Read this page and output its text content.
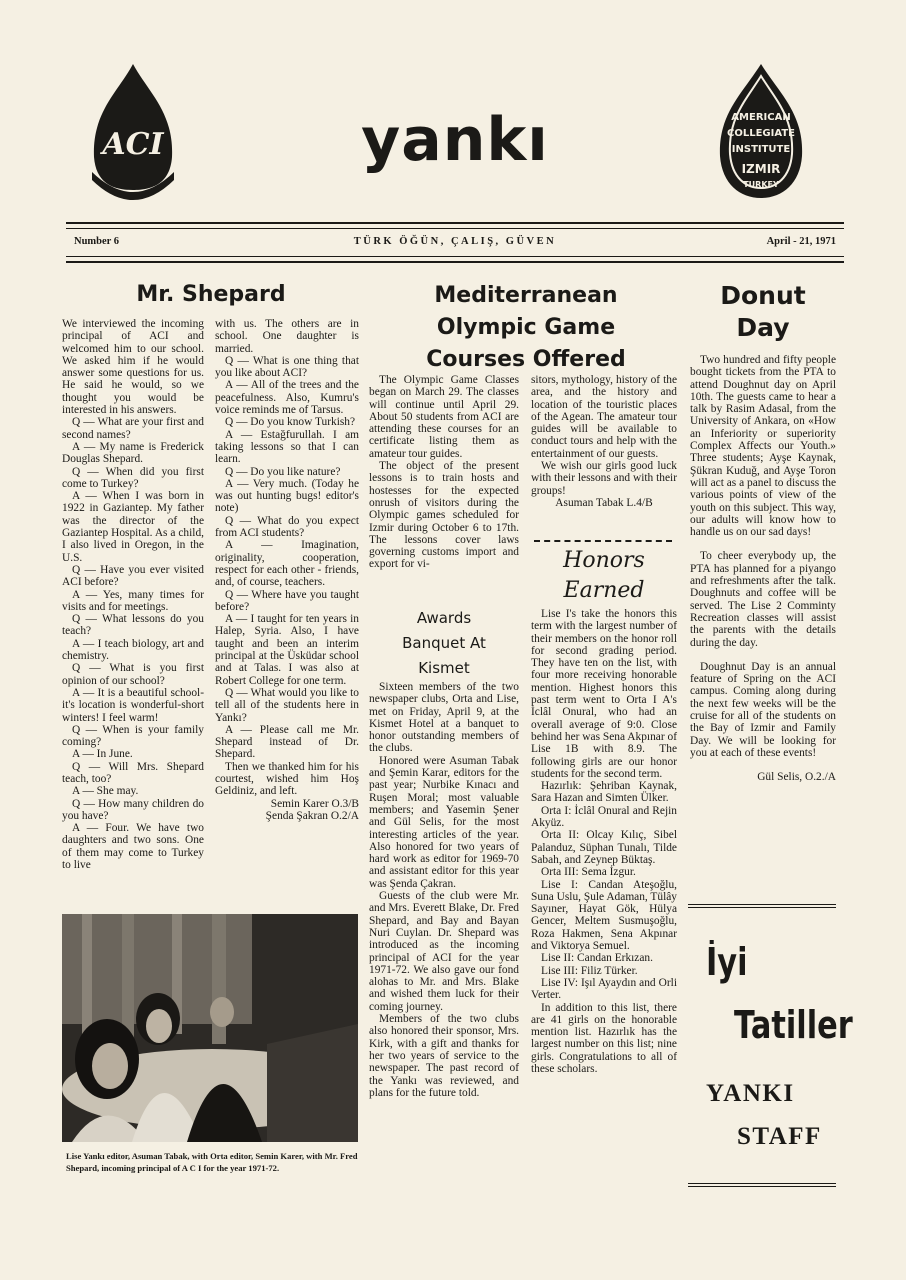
ACI	yankı	AMERICAN
COLLEGIATE
INSTITUTE
IZMIR
TURKEY
Number 6	TÜRK ÖĞÜN, ÇALIŞ, GÜVEN	April - 21, 1971
Mr. Shepard

We interviewed the incoming principal of ACI and welcomed him to our school. We asked him if he would answer some questions for us. He said he would, so we thought you would be interested in his answers.

Q — What are your first and second names?

A — My name is Frederick Douglas Shepard.

Q — When did you first come to Turkey?

A — When I was born in 1922 in Gaziantep. My father was the director of the Gaziantep Hospital. As a child, I also lived in Oregon, in the U.S.

Q — Have you ever visited ACI before?

A — Yes, many times for visits and for meetings.

Q — What lessons do you teach?

A — I teach biology, art and chemistry.

Q — What is you first opinion of our school?

A — It is a beautiful school-it's location is wonderful-short winters! I feel warm!

Q — When is your family coming?

A — In June.

Q — Will Mrs. Shepard teach, too?

A — She may.

Q — How many children do you have?

A — Four. We have two daughters and two sons. One of them may come to Turkey to live

with us. The others are in school. One daughter is married.

Q — What is one thing that you like about ACI?

A — All of the trees and the peacefulness. Also, Kumru's voice reminds me of Tarsus.

Q — Do you know Turkish?

A — Estağfurullah. I am taking lessons so that I can learn.

Q — Do you like nature?

A — Very much. (Today he was out hunting bugs! editor's note)

Q — What do you expect from ACI students?

A — Imagination, originality, cooperation, respect for each other - friends, and, of course, teachers.

Q — Where have you taught before?

A — I taught for ten years in Halep, Syria. Also, I have taught and been an interim principal at the Üsküdar school and at Talas. I was also at Robert College for one term.

Q — What would you like to tell all of the students here in Yankı?

A — Please call me Mr. Shepard instead of Dr. Shepard.

Then we thanked him for his courtest, wished him Hoş Geldiniz, and left.

Semin Karer O.3/B

Şenda Şakran O.2/A

Lise Yankı editor, Asuman Tabak, with Orta editor, Semin Karer, with Mr. Fred Shepard, incoming principal of A C I for the year 1971-72.
Mediterranean
Olympic Game
Courses Offered

The Olympic Game Classes began on March 29. The classes will continue until April 29. About 50 students from ACI are attending these courses for an certificate listing them as amateur tour guides.

The object of the present lessons is to train hosts and hostesses for the expected onrush of visitors during the Olympic games scheduled for Izmir during October 6 to 17th. The lessons cover laws governing customs import and export for vi-

Awards
Banquet At
Kismet

Sixteen members of the two newspaper clubs, Orta and Lise, met on Friday, April 9, at the Kismet Hotel at a banquet to honor outstanding members of the clubs.

Honored were Asuman Tabak and Şemin Karar, editors for the past year; Nurbike Kınacı and Ruşen Moral; most valuable members; and Yasemin Şener and Gül Selis, for the most interesting articles of the year. Also honored for two years of hard work as editor for 1969-70 and assistant editor for this year was Şenda Çakran.

Guests of the club were Mr. and Mrs. Everett Blake, Dr. Fred Shepard, and Bay and Bayan Nuri Cuylan. Dr. Shepard was introduced as the incoming principal of ACI for the year 1971-72. We also gave our fond alohas to Mr. and Mrs. Blake and wished them luck for their coming journey.

Members of the two clubs also honored their sponsor, Mrs. Kirk, with a gift and thanks for her two years of service to the newspaper. The past record of the Yankı was reviewed, and plans for the future told.

sitors, mythology, history of the area, and the history and location of the touristic places of the Agean. The amateur tour guides will be available to conduct tours and help with the entertainment of our guests.

We wish our girls good luck with their lessons and with their groups!

Asuman Tabak L.4/B

Honors
Earned

Lise I's take the honors this term with the largest number of their members on the honor roll for second grading period. They have ten on the list, with four more receiving honorable mention. Highest honors this past term went to Orta I A's İclâl Onural, who had an overall average of 9:0. Close behind her was Sena Akpınar of Lise 1B with 8.9. The following girls are our honor students for the second term.

Hazırlık: Şehriban Kaynak, Sara Hazan and Simten Ülker.

Orta I: İclâl Onural and Rejin Akyüz.

Orta II: Olcay Kılıç, Sibel Palanduz, Süphan Tunalı, Tilde Sabah, and Zeynep Büktaş.

Orta III: Sema İzgur.

Lise I: Candan Ateşoğlu, Suna Uslu, Şule Adaman, Tülây Sayıner, Hayat Gök, Hülya Gencer, Meltem Susmuşoğlu, Roza Hakmen, Sena Akpınar and Viktorya Semuel.

Lise II: Candan Erkızan.

Lise III: Filiz Türker.

Lise IV: Işıl Ayaydın and Orli Verter.

In addition to this list, there are 41 girls on the honorable mention list. Hazırlık has the largest number on this list; nine girls. Congratulations to all of these scholars.

Donut
Day

Two hundred and fifty people bought tickets from the PTA to attend Doughnut day on April 10th. The guests came to hear a talk by Rasim Adasal, from the University of Ankara, on «How an Inferiority or superiority Complex Affects our Youth.» Three students; Ayşe Kaynak, Şükran Kuduğ, and Ayşe Toron will act as a panel to discuss the various points of view of the youth on this subject. This way, our adults will know how to handle us on our sad days!

To cheer everybody up, the PTA has planned for a piyango and refreshments after the talk. Doughnuts and coffee will be served. The Lise 2 Comminty Recreation classes will assist the parents with the details during the day.

Doughnut Day is an annual feature of Spring on the ACI campus. Coming along during the next few weeks will be the cruise for all of the students on the Bay of Izmir and Family Day. We will be looking for you at each of these events!

Gül Selis, O.2./A

İyi
Tatiller
YANKI
STAFF
